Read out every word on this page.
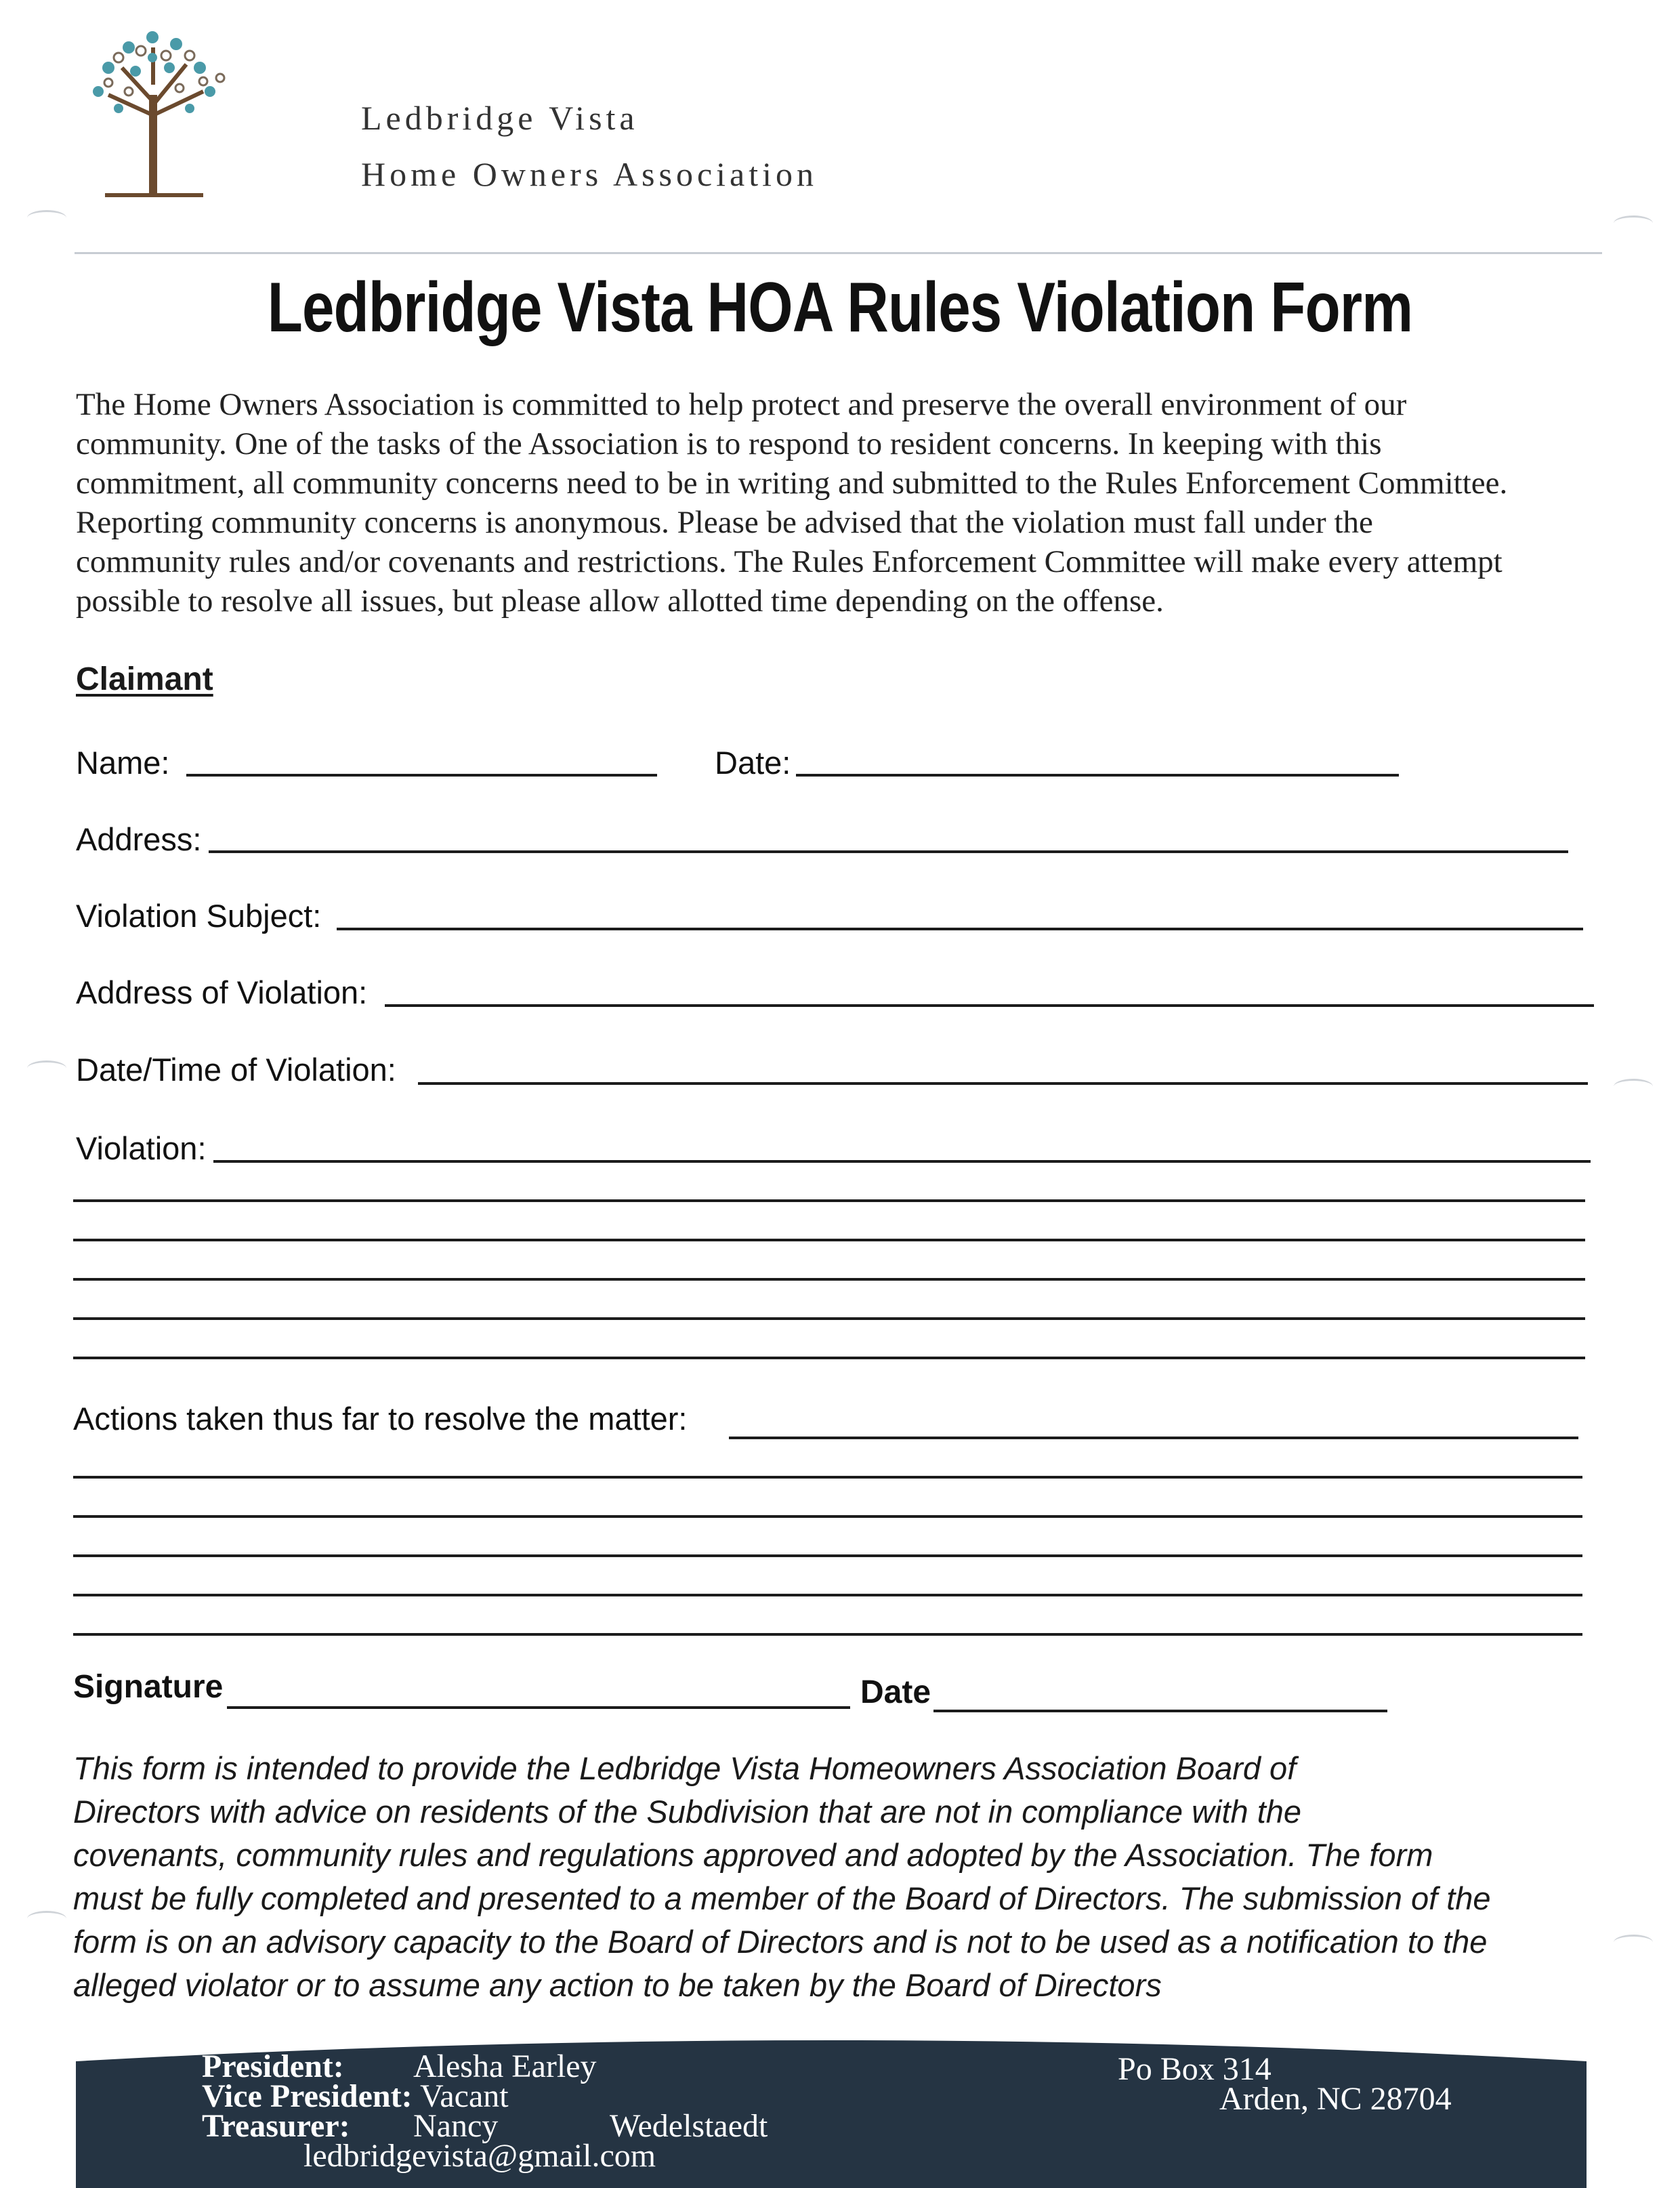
Ledbridge Vista
Home Owners Association
Ledbridge Vista HOA Rules Violation Form
The Home Owners Association is committed to help protect and preserve the overall environment of our
community. One of the tasks of the Association is to respond to resident concerns. In keeping with this
commitment, all community concerns need to be in writing and submitted to the Rules Enforcement Committee.
Reporting community concerns is anonymous. Please be advised that the violation must fall under the
community rules and/or covenants and restrictions. The Rules Enforcement Committee will make every attempt
possible to resolve all issues, but please allow allotted time depending on the offense.
Claimant
Name:	Date:
Address:
Violation Subject:
Address of Violation:
Date/Time of Violation:
Violation:
Actions taken thus far to resolve the matter:
Signature	Date
This form is intended to provide the Ledbridge Vista Homeowners Association Board of
Directors with advice on residents of the Subdivision that are not in compliance with the
covenants, community rules and regulations approved and adopted by the Association. The form
must be fully completed and presented to a member of the Board of Directors. The submission of the
form is on an advisory capacity to the Board of Directors and is not to be used as a notification to the
alleged violator or to assume any action to be taken by the Board of Directors
President: Alesha Earley
Vice President: Vacant
Treasurer: Nancy	Wedelstaedt
ledbridgevista@gmail.com
Po Box 314
Arden, NC 28704
